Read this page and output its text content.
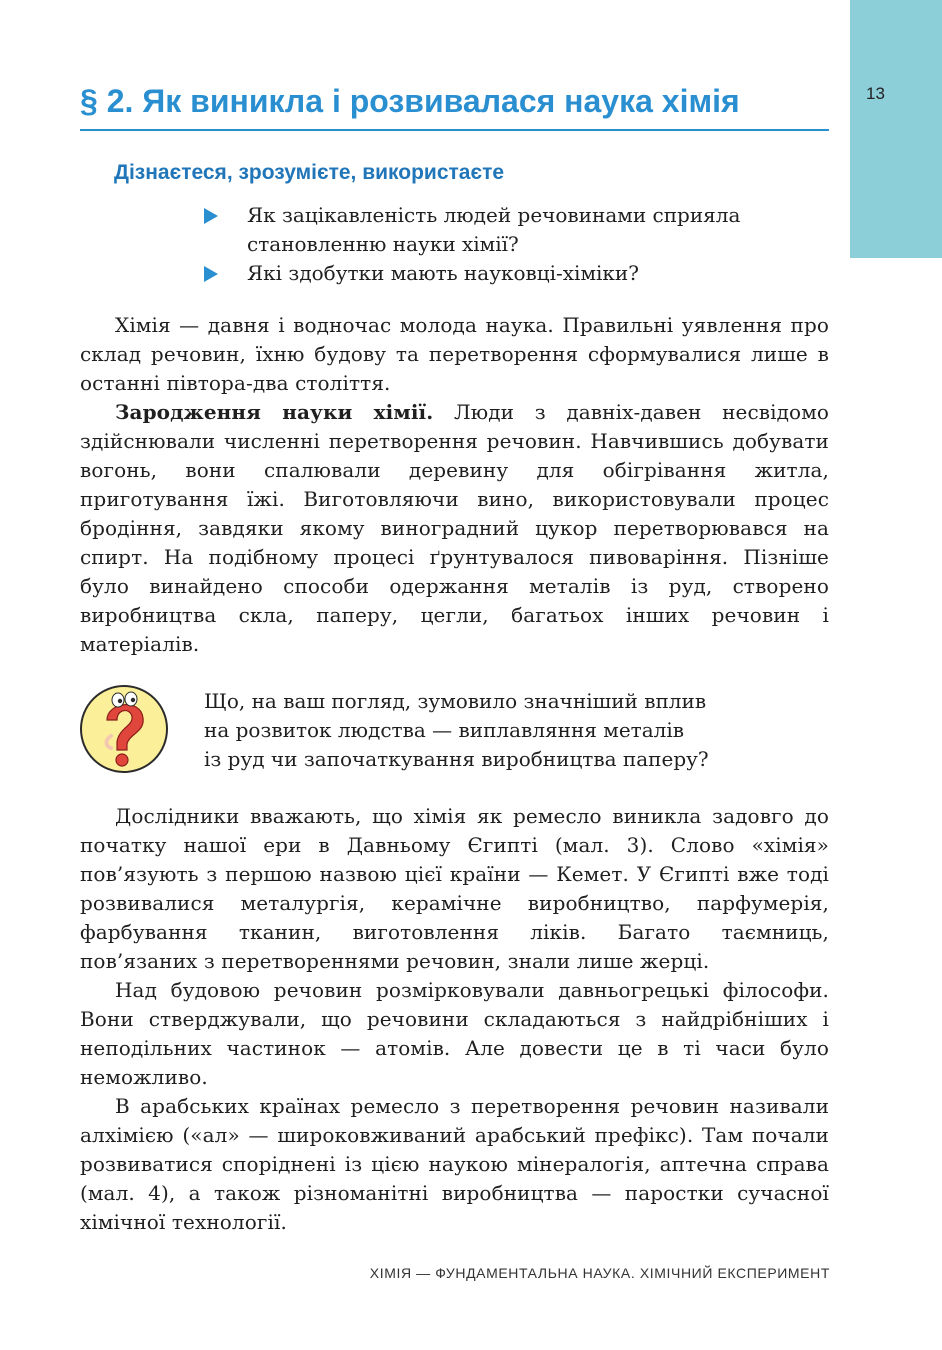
13
§ 2. Як виникла і розвивалася наука хімія
Дізнаєтеся, зрозумієте, використаєте
Як зацікавленість людей речовинами сприяла становленню науки хімії?
Які здобутки мають науковці-хіміки?

Хімія — давня і водночас молода наука. Правильні уявлення про склад речовин, їхню будову та перетворення сформувалися лише в останні півтора-два століття.

Зародження науки хімії. Люди з давніх-давен несвідомо здійснювали численні перетворення речовин. Навчившись добувати вогонь, вони спалювали деревину для обігрівання житла, приготування їжі. Виготовляючи вино, використовували процес бродіння, завдяки якому виноградний цукор перетворювався на спирт. На подібному процесі ґрунтувалося пивоваріння. Пізніше було винайдено способи одержання металів із руд, створено виробництва скла, паперу, цегли, багатьох інших речовин і матеріалів.

Що, на ваш погляд, зумовило значніший вплив
на розвиток людства — виплавляння металів
із руд чи започаткування виробництва паперу?

Дослідники вважають, що хімія як ремесло виникла задовго до початку нашої ери в Давньому Єгипті (мал. 3). Слово «хімія» пов’язують з першою назвою цієї країни — Кемет. У Єгипті вже тоді розвивалися металургія, керамічне виробництво, парфумерія, фарбування тканин, виготовлення ліків. Багато таємниць, пов’язаних з перетвореннями речовин, знали лише жерці.

Над будовою речовин розмірковували давньогрецькі філософи. Вони стверджували, що речовини складаються з найдрібніших і неподільних частинок — атомів. Але довести це в ті часи було неможливо.

В арабських країнах ремесло з перетворення речовин називали алхімією («ал» — широковживаний арабський префікс). Там почали розвиватися споріднені із цією наукою мінералогія, аптечна справа (мал. 4), а також різноманітні виробництва — паростки сучасної хімічної технології.

ХІМІЯ — ФУНДАМЕНТАЛЬНА НАУКА. ХІМІЧНИЙ ЕКСПЕРИМЕНТ
